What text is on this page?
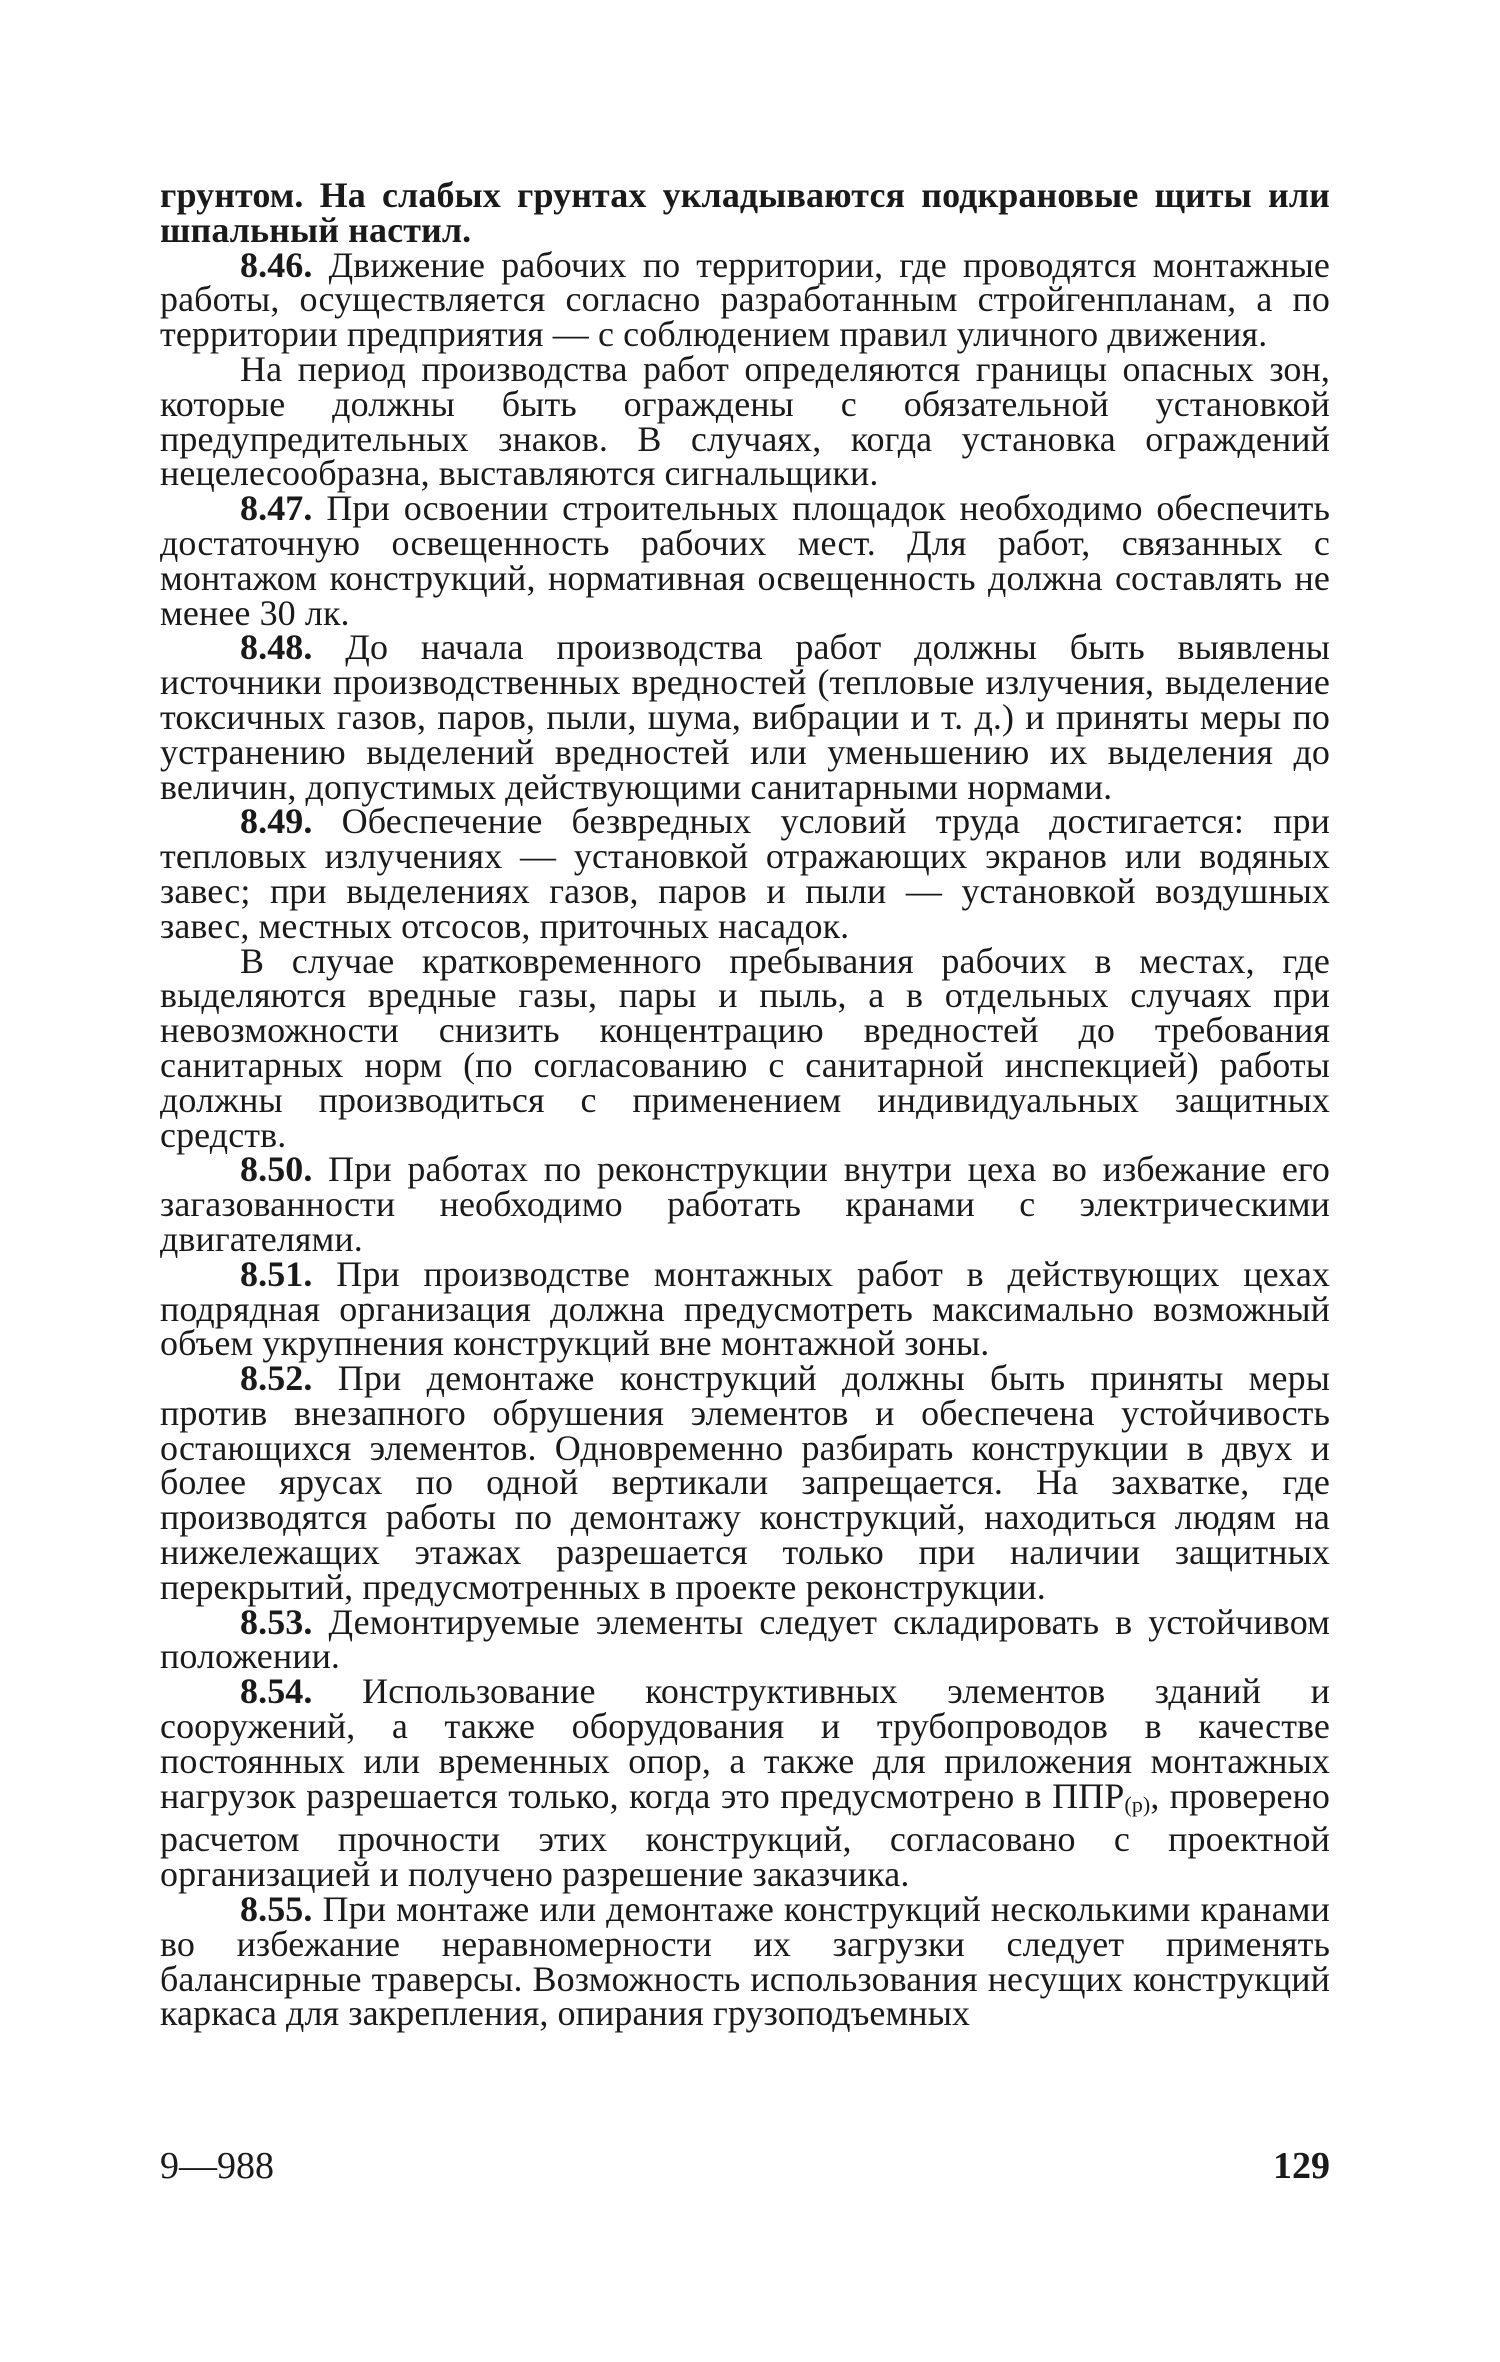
грунтом. На слабых грунтах укладываются подкрановые щиты или шпальный настил.

8.46. Движение рабочих по территории, где проводятся монтажные работы, осуществляется согласно разработанным стройгенпланам, а по территории предприятия — с соблюдением правил уличного движения.

На период производства работ определяются границы опасных зон, которые должны быть ограждены с обязательной установкой предупредительных знаков. В случаях, когда установка ограждений нецелесообразна, выставляются сигнальщики.

8.47. При освоении строительных площадок необходимо обеспечить достаточную освещенность рабочих мест. Для работ, связанных с монтажом конструкций, нормативная освещенность должна составлять не менее 30 лк.

8.48. До начала производства работ должны быть выявлены источники производственных вредностей (тепловые излучения, выделение токсичных газов, паров, пыли, шума, вибрации и т. д.) и приняты меры по устранению выделений вредностей или уменьшению их выделения до величин, допустимых действующими санитарными нормами.

8.49. Обеспечение безвредных условий труда достигается: при тепловых излучениях — установкой отражающих экранов или водяных завес; при выделениях газов, паров и пыли — установкой воздушных завес, местных отсосов, приточных насадок.

В случае кратковременного пребывания рабочих в местах, где выделяются вредные газы, пары и пыль, а в отдельных случаях при невозможности снизить концентрацию вредностей до требования санитарных норм (по согласованию с санитарной инспекцией) работы должны производиться с применением индивидуальных защитных средств.

8.50. При работах по реконструкции внутри цеха во избежание его загазованности необходимо работать кранами с электрическими двигателями.

8.51. При производстве монтажных работ в действующих цехах подрядная организация должна предусмотреть максимально возможный объем укрупнения конструкций вне монтажной зоны.

8.52. При демонтаже конструкций должны быть приняты меры против внезапного обрушения элементов и обеспечена устойчивость остающихся элементов. Одновременно разбирать конструкции в двух и более ярусах по одной вертикали запрещается. На захватке, где производятся работы по демонтажу конструкций, находиться людям на нижележащих этажах разрешается только при наличии защитных перекрытий, предусмотренных в проекте реконструкции.

8.53. Демонтируемые элементы следует складировать в устойчивом положении.

8.54. Использование конструктивных элементов зданий и сооружений, а также оборудования и трубопроводов в качестве постоянных или временных опор, а также для приложения монтажных нагрузок разрешается только, когда это предусмотрено в $ППР_{(р)}$, проверено расчетом прочности этих конструкций, согласовано с проектной организацией и получено разрешение заказчика.

8.55. При монтаже или демонтаже конструкций несколькими кранами во избежание неравномерности их загрузки следует применять балансирные траверсы. Возможность использования несущих конструкций каркаса для закрепления, опирания грузоподъемных

9—988	129
